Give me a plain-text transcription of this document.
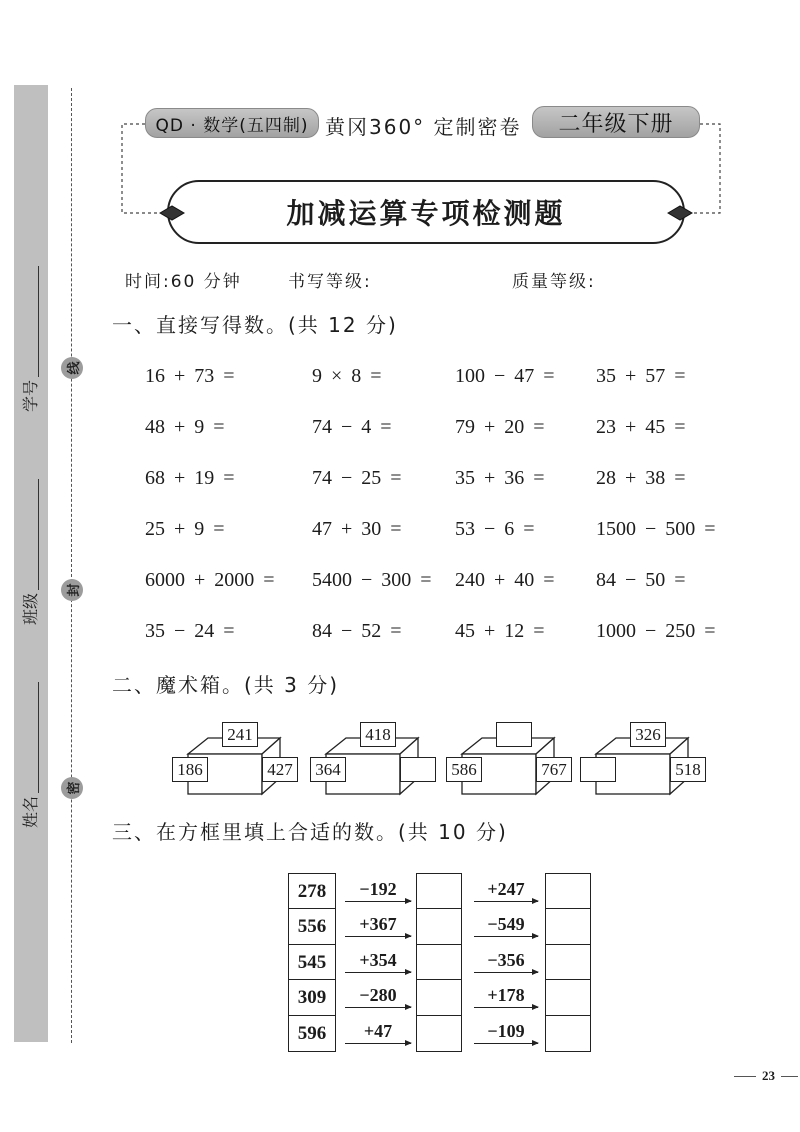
学号
班级
姓名
线
封
密
QD · 数学(五四制) 黄冈360° 定制密卷	二年级下册
加减运算专项检测题
时间:60 分钟	书写等级:	质量等级:
一、直接写得数。(共 12 分)
16 + 73 =	9 × 8 =	100 − 47 =	35 + 57 =
48 + 9 =	74 − 4 =	79 + 20 =	23 + 45 =
68 + 19 =	74 − 25 =	35 + 36 =	28 + 38 =
25 + 9 =	47 + 30 =	53 − 6 =	1500 − 500 =
6000 + 2000 =	5400 − 300 =	240 + 40 =	84 − 50 =
35 − 24 =	84 − 52 =	45 + 12 =	1000 − 250 =
二、魔术箱。(共 3 分)
241
186	427
418
364	586	767
326
518
三、在方框里填上合适的数。(共 10 分)
278	−192	+247
556	+367	−549
545	+354	−356
309	−280	+178
596	+47	−109
23
